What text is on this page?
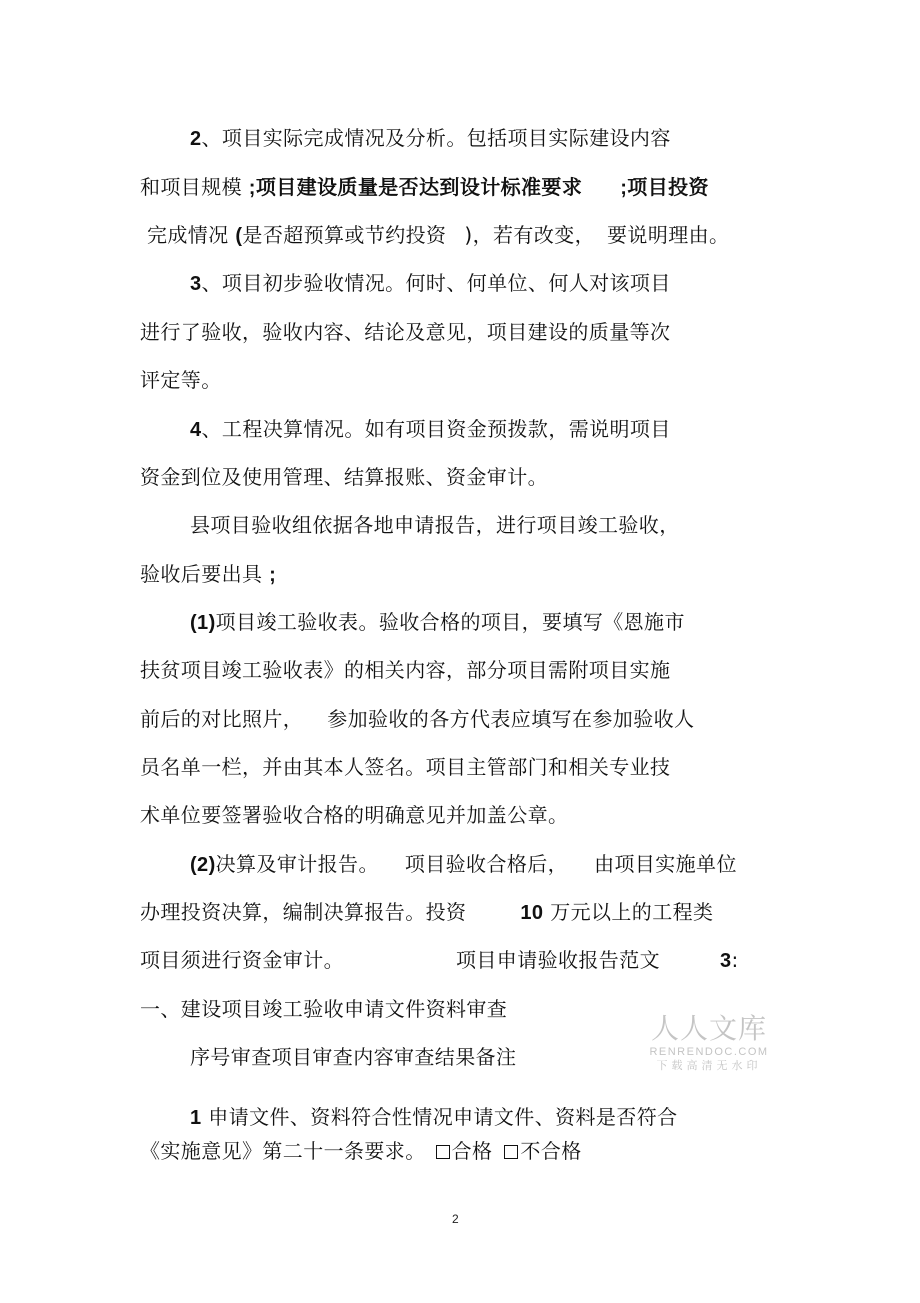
2、项目实际完成情况及分析。包括项目实际建设内容
和项目规模 ;项目建设质量是否达到设计标准要求 ;项目投资
完成情况 (是否超预算或节约投资 )，若有改变， 要说明理由。
3、项目初步验收情况。何时、何单位、何人对该项目
进行了验收，验收内容、结论及意见，项目建设的质量等次
评定等。
4、工程决算情况。如有项目资金预拨款，需说明项目
资金到位及使用管理、结算报账、资金审计。
县项目验收组依据各地申请报告，进行项目竣工验收，
验收后要出具 ;
(1)项目竣工验收表。验收合格的项目，要填写《恩施市
扶贫项目竣工验收表》的相关内容，部分项目需附项目实施
前后的对比照片， 参加验收的各方代表应填写在参加验收人
员名单一栏，并由其本人签名。项目主管部门和相关专业技
术单位要签署验收合格的明确意见并加盖公章。
(2)决算及审计报告。 项目验收合格后， 由项目实施单位
办理投资决算，编制决算报告。投资	10 万元以上的工程类
项目须进行资金审计。	项目申请验收报告范文	3:
一、建设项目竣工验收申请文件资料审查
序号审查项目审查内容审查结果备注
1 申请文件、资料符合性情况申请文件、资料是否符合
《实施意见》第二十一条要求。 合格 不合格
人人文库
RENRENDOC.COM
下载高清无水印
2
